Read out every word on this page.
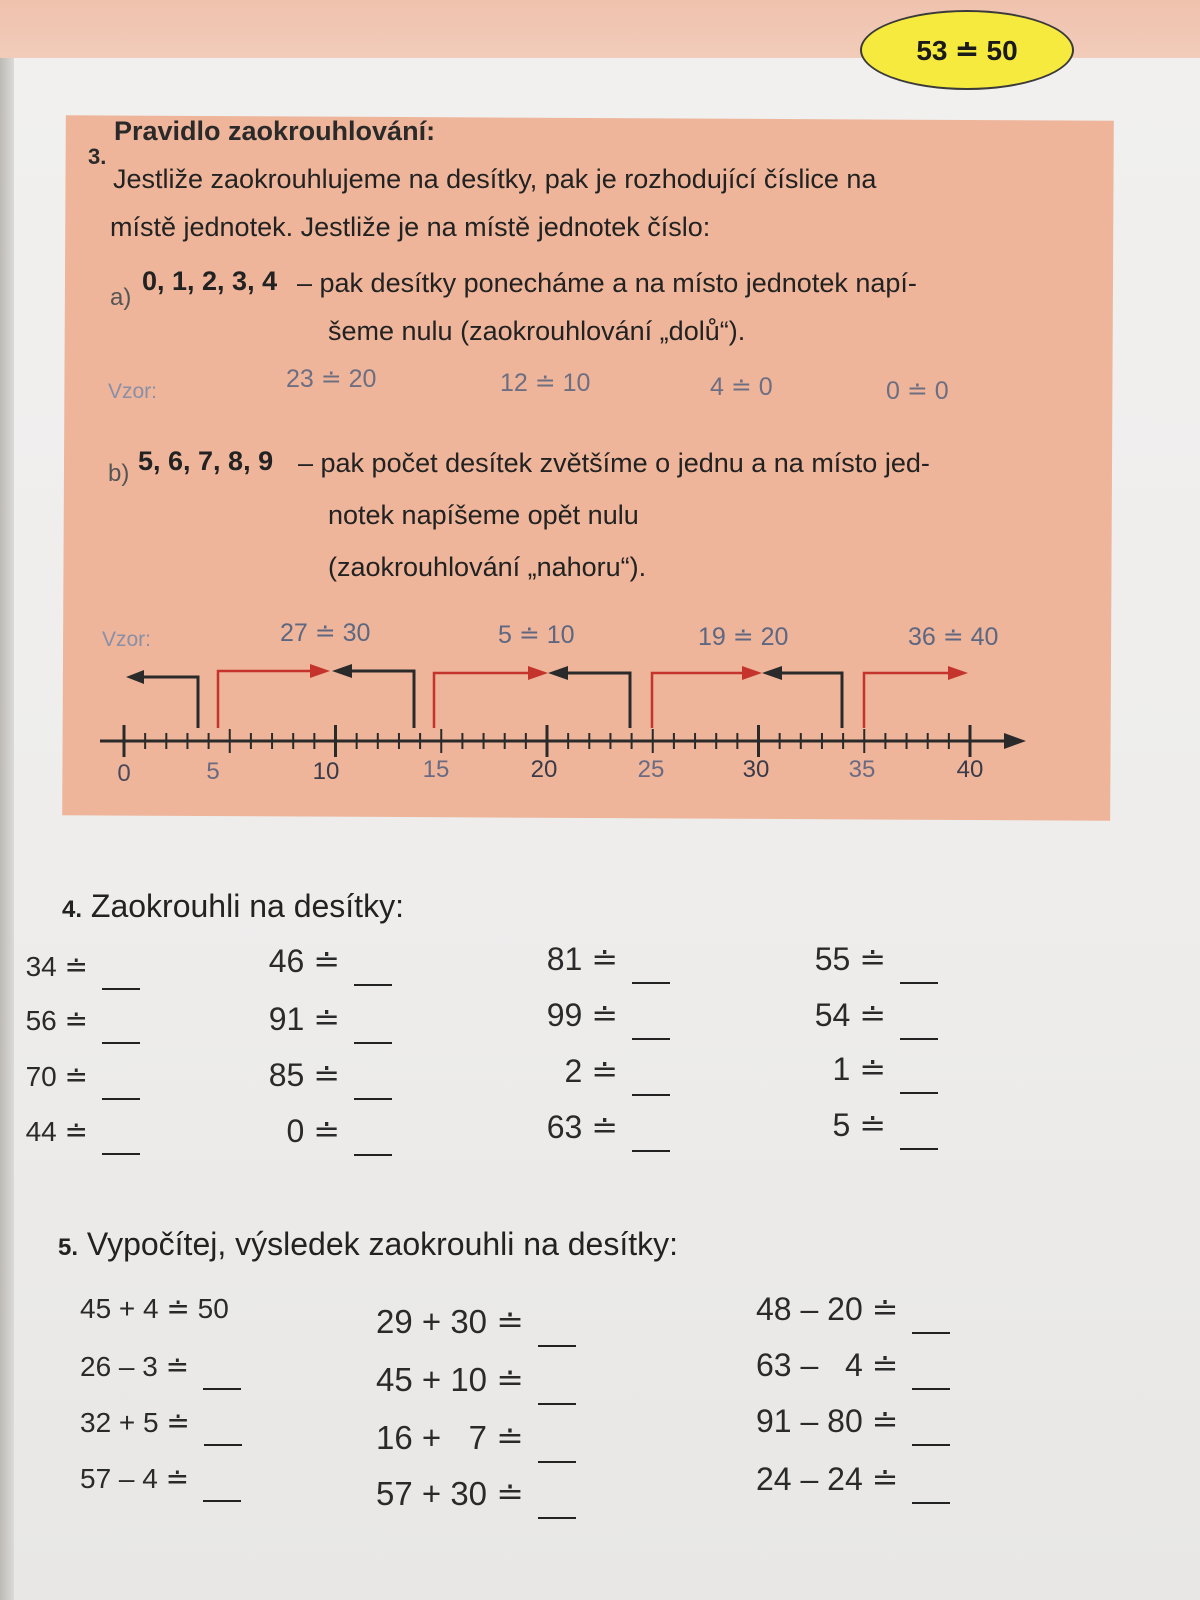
53 ≐ 50
3.
Pravidlo zaokrouhlování:
Jestliže zaokrouhlujeme na desítky, pak je rozhodující číslice na
místě jednotek. Jestliže je na místě jednotek číslo:
a)
0, 1, 2, 3, 4 – pak desítky ponecháme a na místo jednotek napí-
šeme nulu (zaokrouhlování „dolů“).
Vzor:	23 ≐ 20	12 ≐ 10	4 ≐ 0	0 ≐ 0
b) 5, 6, 7, 8, 9 – pak počet desítek zvětšíme o jednu a na místo jed-
notek napíšeme opět nulu
(zaokrouhlování „nahoru“).
Vzor:	27 ≐ 30	5 ≐ 10	19 ≐ 20	36 ≐ 40
0	5	10	15	20	25	30	35	40
4. Zaokrouhli na desítky:
34 ≐
56 ≐
70 ≐
44 ≐
46 ≐
91 ≐
85 ≐
0 ≐
81 ≐
99 ≐
2 ≐
63 ≐
55 ≐
54 ≐
1 ≐
5 ≐
5. Vypočítej, výsledek zaokrouhli na desítky:
45 + 4 ≐ 50
26 – 3 ≐
32 + 5 ≐
57 – 4 ≐
29 + 30 ≐
45 + 10 ≐
16 +   7 ≐
57 + 30 ≐
48 – 20 ≐
63 –   4 ≐
91 – 80 ≐
24 – 24 ≐
